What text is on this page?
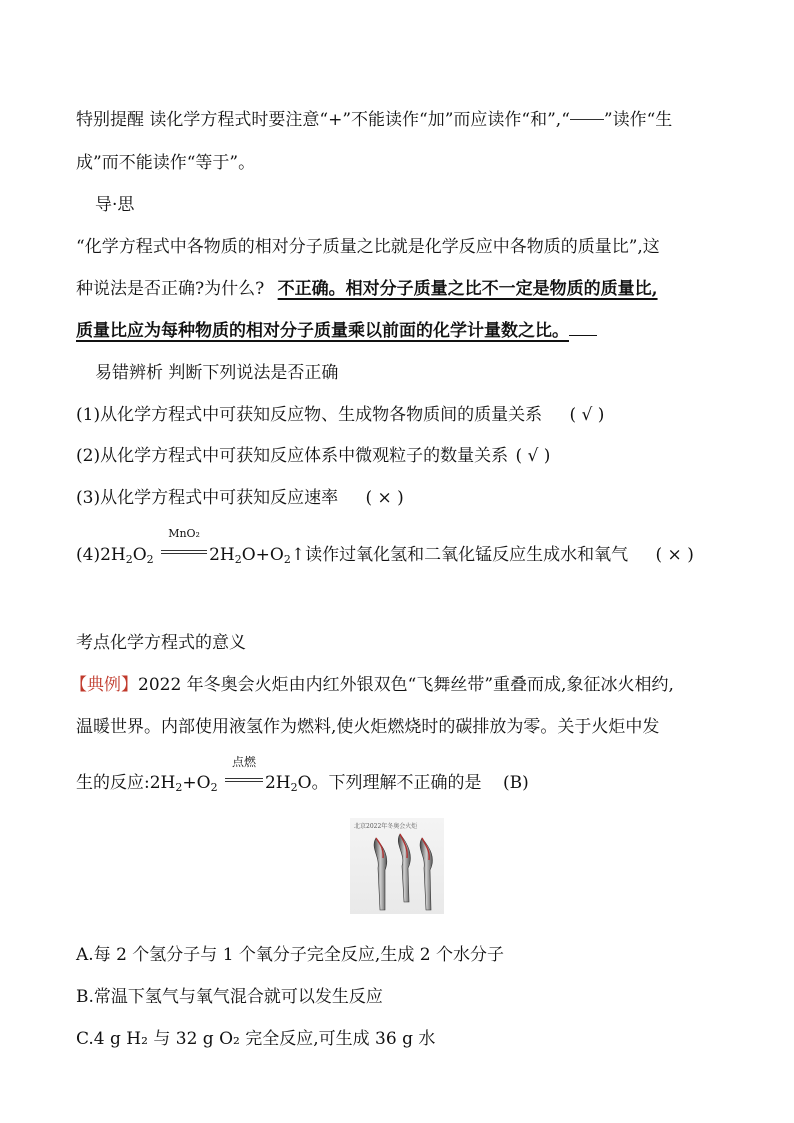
特别提醒 读化学方程式时要注意“+”不能读作“加”而应读作“和”,“ ”读作“生
成”而不能读作“等于”。
导·思
“化学方程式中各物质的相对分子质量之比就是化学反应中各物质的质量比”,这
种说法是否正确?为什么? 不正确。相对分子质量之比不一定是物质的质量比,
质量比应为每种物质的相对分子质量乘以前面的化学计量数之比。
易错辨析 判断下列说法是否正确
(1)从化学方程式中可获知反应物、生成物各物质间的质量关系 ( √ )
(2)从化学方程式中可获知反应体系中微观粒子的数量关系 ( √ )
(3)从化学方程式中可获知反应速率 ( × )
$(4)2H_2O_2$
MnO₂
$2H_2O+O_2↑$读作过氧化氢和二氧化锰反应生成水和氧气 ( × )
考点化学方程式的意义
【典例】2022 年冬奥会火炬由内红外银双色“飞舞丝带”重叠而成,象征冰火相约,
温暖世界。内部使用液氢作为燃料,使火炬燃烧时的碳排放为零。关于火炬中发
生的反应$:2H_2+O_2$
点燃
$2H_2O$。下列理解不正确的是 (B)
北京2022年冬奥会火炬
A.每 2 个氢分子与 1 个氧分子完全反应,生成 2 个水分子
B.常温下氢气与氧气混合就可以发生反应
C.4 g H₂ 与 32 g O₂ 完全反应,可生成 36 g 水
